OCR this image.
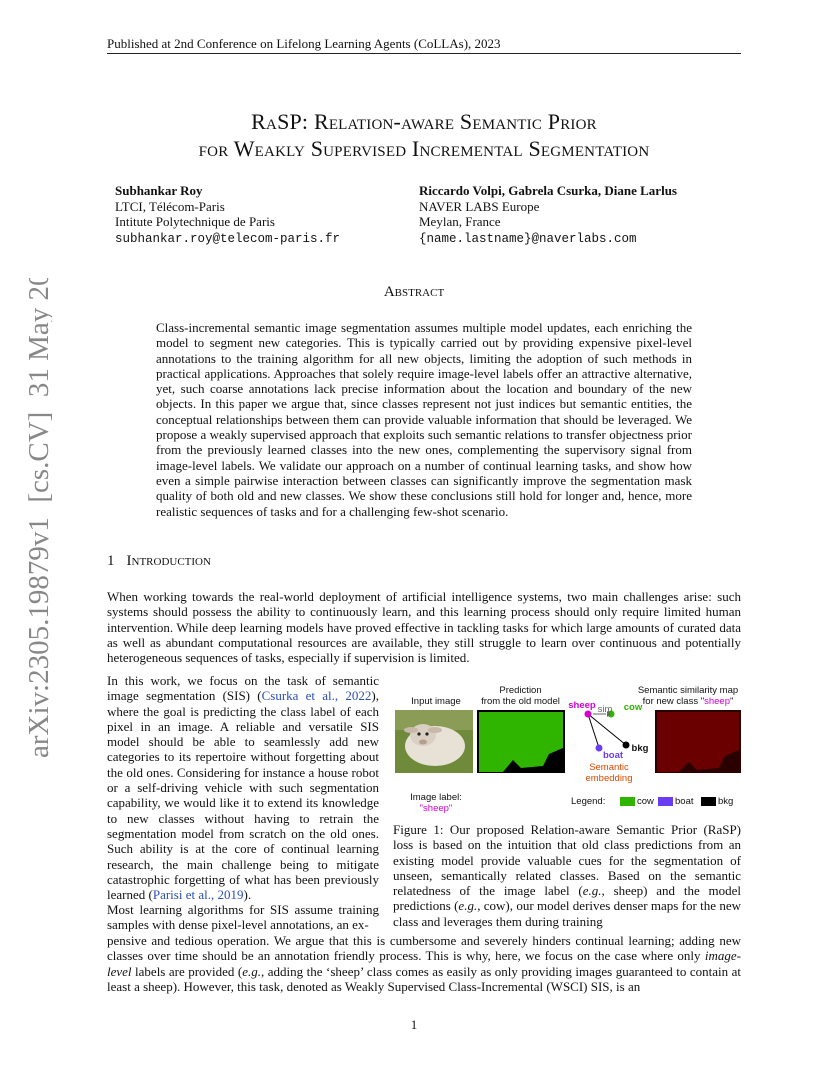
Published at 2nd Conference on Lifelong Learning Agents (CoLLAs), 2023
arXiv:2305.19879v1  [cs.CV]  31 May 2023
RaSP: Relation-aware Semantic Prior
for Weakly Supervised Incremental Segmentation
Subhankar Roy
LTCI, Télécom-Paris
Intitute Polytechnique de Paris
subhankar.roy@telecom-paris.fr
Riccardo Volpi, Gabrela Csurka, Diane Larlus
NAVER LABS Europe
Meylan, France
{name.lastname}@naverlabs.com
Abstract
Class-incremental semantic image segmentation assumes multiple model updates, each enriching the model to segment new categories. This is typically carried out by providing expensive pixel-level annotations to the training algorithm for all new objects, limiting the adoption of such methods in practical applications. Approaches that solely require image-level labels offer an attractive alternative, yet, such coarse annotations lack precise information about the location and boundary of the new objects. In this paper we argue that, since classes represent not just indices but semantic entities, the conceptual relationships between them can provide valuable information that should be leveraged. We propose a weakly supervised approach that exploits such semantic relations to transfer objectness prior from the previously learned classes into the new ones, complementing the supervisory signal from image-level labels. We validate our approach on a number of continual learning tasks, and show how even a simple pairwise interaction between classes can significantly improve the segmentation mask quality of both old and new classes. We show these conclusions still hold for longer and, hence, more realistic sequences of tasks and for a challenging few-shot scenario.
1 Introduction
When working towards the real-world deployment of artificial intelligence systems, two main challenges arise: such systems should possess the ability to continuously learn, and this learning process should only require limited human intervention. While deep learning models have proved effective in tackling tasks for which large amounts of curated data as well as abundant computational resources are available, they still struggle to learn over continuous and potentially heterogeneous sequences of tasks, especially if supervision is limited.
In this work, we focus on the task of semantic image segmentation (SIS) (Csurka et al., 2022), where the goal is predicting the class label of each pixel in an image. A reliable and versatile SIS model should be able to seamlessly add new categories to its repertoire without forgetting about the old ones. Considering for instance a house robot or a self-driving vehicle with such segmentation capability, we would like it to extend its knowledge to new classes without having to retrain the segmentation model from scratch on the old ones. Such ability is at the core of continual learning research, the main challenge being to mitigate catastrophic forgetting of what has been previously learned (Parisi et al., 2019).
Most learning algorithms for SIS assume training samples with dense pixel-level annotations, an ex-
pensive and tedious operation. We argue that this is cumbersome and severely hinders continual learning; adding new classes over time should be an annotation friendly process. This is why, here, we focus on the case where only image-level labels are provided (e.g., adding the ‘sheep’ class comes as easily as only providing images guaranteed to contain at least a sheep). However, this task, denoted as Weakly Supervised Class-Incremental (WSCI) SIS, is an
Input image
Prediction
from the old model
Semantic similarity map
for new class "sheep"
sheep sim cow
bkg
boat
Semantic
embedding
Image label:
"sheep"
Legend:	cow	boat	bkg
Figure 1: Our proposed Relation-aware Semantic Prior (RaSP) loss is based on the intuition that old class predictions from an existing model provide valuable cues for the segmentation of unseen, semantically related classes. Based on the semantic relatedness of the image label (e.g., sheep) and the model predictions (e.g., cow), our model derives denser maps for the new class and leverages them during training
1
